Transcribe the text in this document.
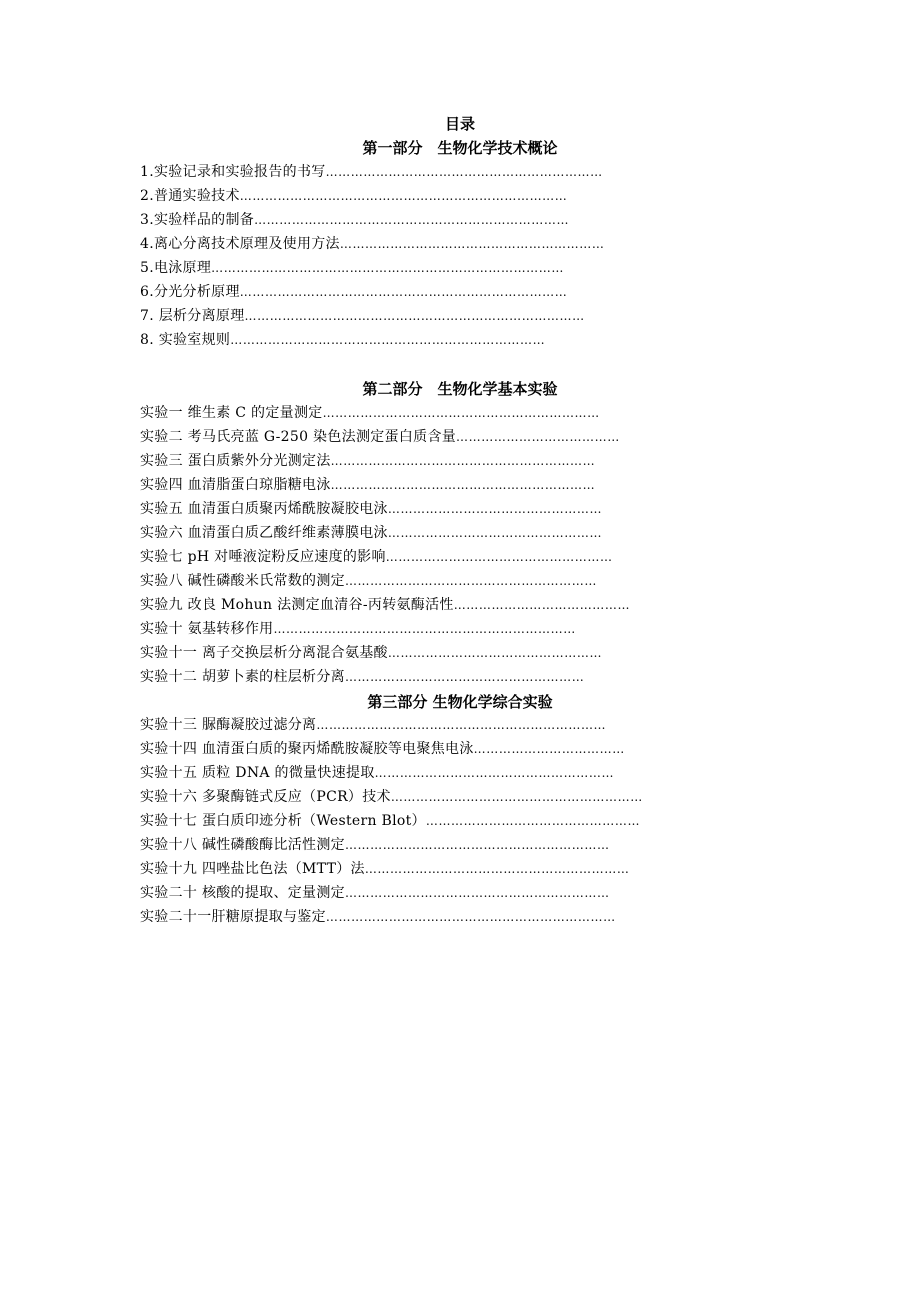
目录
第一部分　生物化学技术概论
1.实验记录和实验报告的书写 …………………………………………………………
2.普通实验技术 ……………………………………………………………………
3.实验样品的制备 …………………………………………………………………
4.离心分离技术原理及使用方法 ………………………………………………………
5.电泳原理 …………………………………………………………………………
6.分光分析原理 ……………………………………………………………………
7. 层析分离原理 ………………………………………………………………………
8. 实验室规则 …………………………………………………………………
第二部分　生物化学基本实验
实验一 维生素 C 的定量测定 …………………………………………………………
实验二 考马氏亮蓝 G-250 染色法测定蛋白质含量 …………………………………
实验三 蛋白质紫外分光测定法 ………………………………………………………
实验四 血清脂蛋白琼脂糖电泳 ………………………………………………………
实验五 血清蛋白质聚丙烯酰胺凝胶电泳 ……………………………………………
实验六 血清蛋白质乙酸纤维素薄膜电泳 ……………………………………………
实验七 pH 对唾液淀粉反应速度的影响 ………………………………………………
实验八 碱性磷酸米氏常数的测定 ……………………………………………………
实验九 改良 Mohun 法测定血清谷-丙转氨酶活性 ……………………………………
实验十 氨基转移作用 ………………………………………………………………
实验十一 离子交换层析分离混合氨基酸 ……………………………………………
实验十二 胡萝卜素的柱层析分离 …………………………………………………
第三部分 生物化学综合实验
实验十三 脲酶凝胶过滤分离 ……………………………………………………………
实验十四 血清蛋白质的聚丙烯酰胺凝胶等电聚焦电泳 ………………………………
实验十五 质粒 DNA 的微量快速提取 …………………………………………………
实验十六 多聚酶链式反应（PCR）技术 ……………………………………………………
实验十七 蛋白质印迹分析（Western Blot） ……………………………………………
实验十八 碱性磷酸酶比活性测定 ………………………………………………………
实验十九 四唑盐比色法（MTT）法 ………………………………………………………
实验二十 核酸的提取、定量测定 ………………………………………………………
实验二十一肝糖原提取与鉴定 ……………………………………………………………
